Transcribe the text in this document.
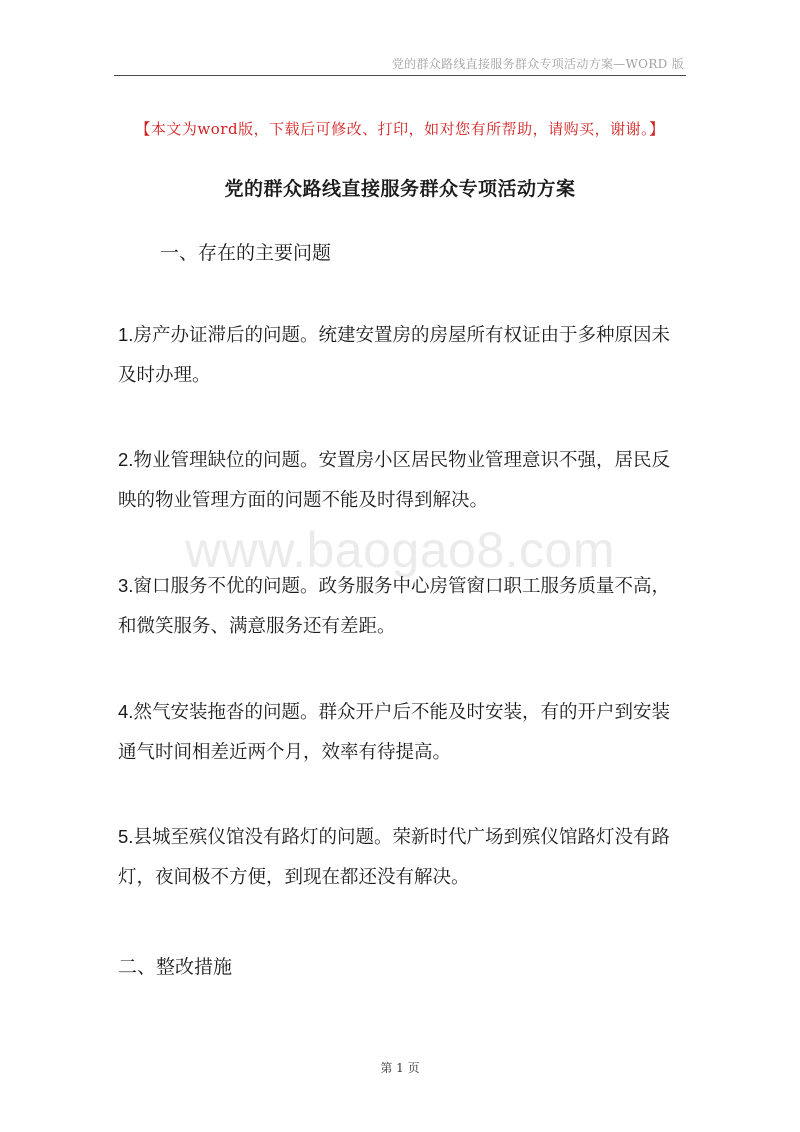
党的群众路线直接服务群众专项活动方案—WORD 版
【本文为word版，下载后可修改、打印，如对您有所帮助，请购买，谢谢。】
党的群众路线直接服务群众专项活动方案
一、存在的主要问题
1.房产办证滞后的问题。统建安置房的房屋所有权证由于多种原因未及时办理。
2.物业管理缺位的问题。安置房小区居民物业管理意识不强，居民反映的物业管理方面的问题不能及时得到解决。
www.baogao8.com
3.窗口服务不优的问题。政务服务中心房管窗口职工服务质量不高，和微笑服务、满意服务还有差距。
4.然气安装拖沓的问题。群众开户后不能及时安装，有的开户到安装通气时间相差近两个月，效率有待提高。
5.县城至殡仪馆没有路灯的问题。荣新时代广场到殡仪馆路灯没有路灯，夜间极不方便，到现在都还没有解决。
二、整改措施
第 1 页
